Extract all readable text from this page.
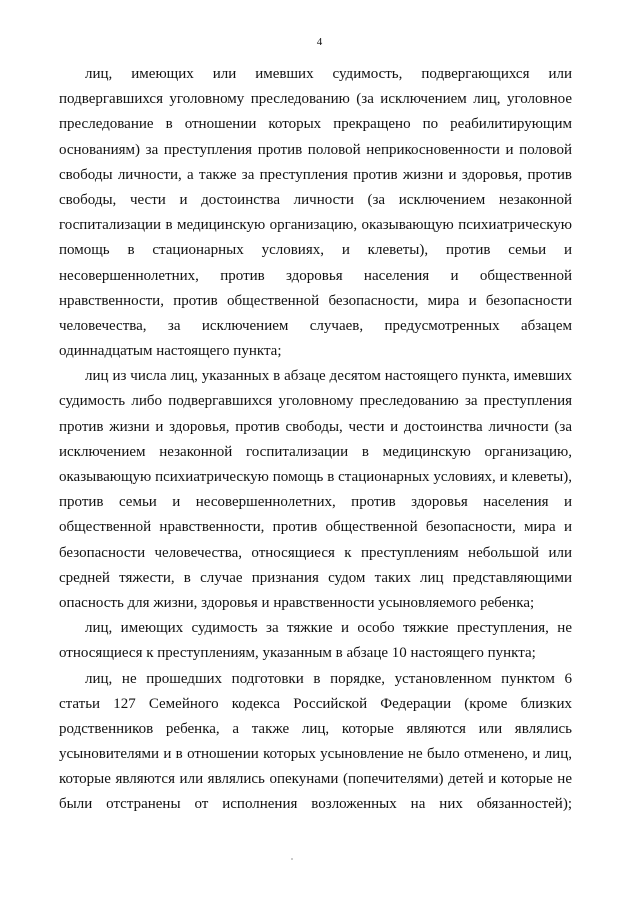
4
лиц, имеющих или имевших судимость, подвергающихся или
подвергавшихся уголовному преследованию (за исключением лиц, уголовное
преследование в отношении которых прекращено по реабилитирующим
основаниям) за преступления против половой неприкосновенности и половой
свободы личности, а также за преступления против жизни и здоровья, против
свободы, чести и достоинства личности (за исключением незаконной
госпитализации в медицинскую организацию, оказывающую психиатрическую
помощь в стационарных условиях, и клеветы), против семьи и
несовершеннолетних, против здоровья населения и общественной
нравственности, против общественной безопасности, мира и безопасности
человечества, за исключением случаев, предусмотренных абзацем
одиннадцатым настоящего пункта;
лиц из числа лиц, указанных в абзаце десятом настоящего пункта, имевших
судимость либо подвергавшихся уголовному преследованию за преступления
против жизни и здоровья, против свободы, чести и достоинства личности (за
исключением незаконной госпитализации в медицинскую организацию,
оказывающую психиатрическую помощь в стационарных условиях, и клеветы),
против семьи и несовершеннолетних, против здоровья населения и
общественной нравственности, против общественной безопасности, мира и
безопасности человечества, относящиеся к преступлениям небольшой или
средней тяжести, в случае признания судом таких лиц представляющими
опасность для жизни, здоровья и нравственности усыновляемого ребенка;
лиц, имеющих судимость за тяжкие и особо тяжкие преступления, не
относящиеся к преступлениям, указанным в абзаце 10 настоящего пункта;
лиц, не прошедших подготовки в порядке, установленном пунктом 6
статьи 127 Семейного кодекса Российской Федерации (кроме близких
родственников ребенка, а также лиц, которые являются или являлись
усыновителями и в отношении которых усыновление не было отменено, и лиц,
которые являются или являлись опекунами (попечителями) детей и которые не
были отстранены от исполнения возложенных на них обязанностей);
